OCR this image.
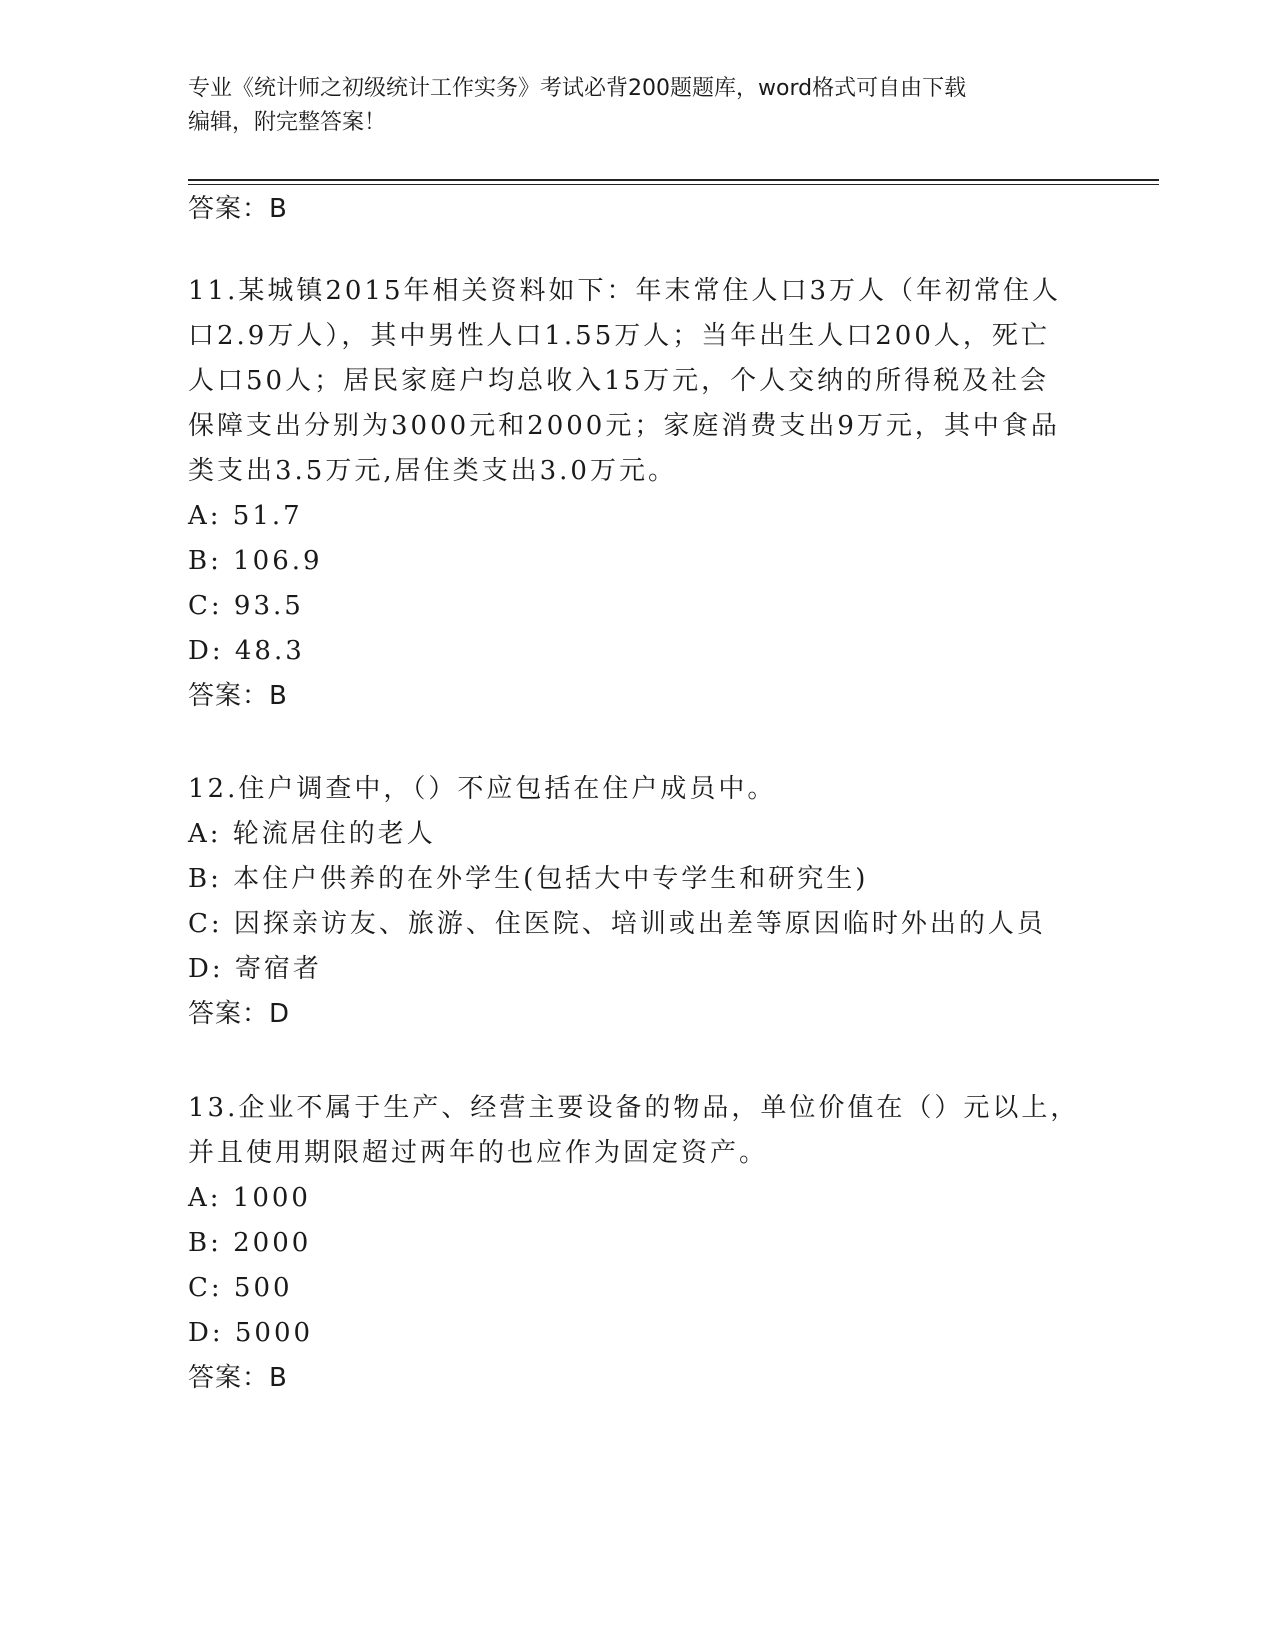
专业《统计师之初级统计工作实务》考试必背200题题库，word格式可自由下载
编辑，附完整答案！
答案：B
11.某城镇2015年相关资料如下：年末常住人口3万人（年初常住人
口2.9万人），其中男性人口1.55万人；当年出生人口200人，死亡
人口50人；居民家庭户均总收入15万元，个人交纳的所得税及社会
保障支出分别为3000元和2000元；家庭消费支出9万元，其中食品
类支出3.5万元,居住类支出3.0万元。
A: 51.7
B: 106.9
C: 93.5
D: 48.3
答案：B
12.住户调查中，（）不应包括在住户成员中。
A: 轮流居住的老人
B: 本住户供养的在外学生(包括大中专学生和研究生)
C: 因探亲访友、旅游、住医院、培训或出差等原因临时外出的人员
D: 寄宿者
答案：D
13.企业不属于生产、经营主要设备的物品，单位价值在（）元以上，
并且使用期限超过两年的也应作为固定资产。
A: 1000
B: 2000
C: 500
D: 5000
答案：B
